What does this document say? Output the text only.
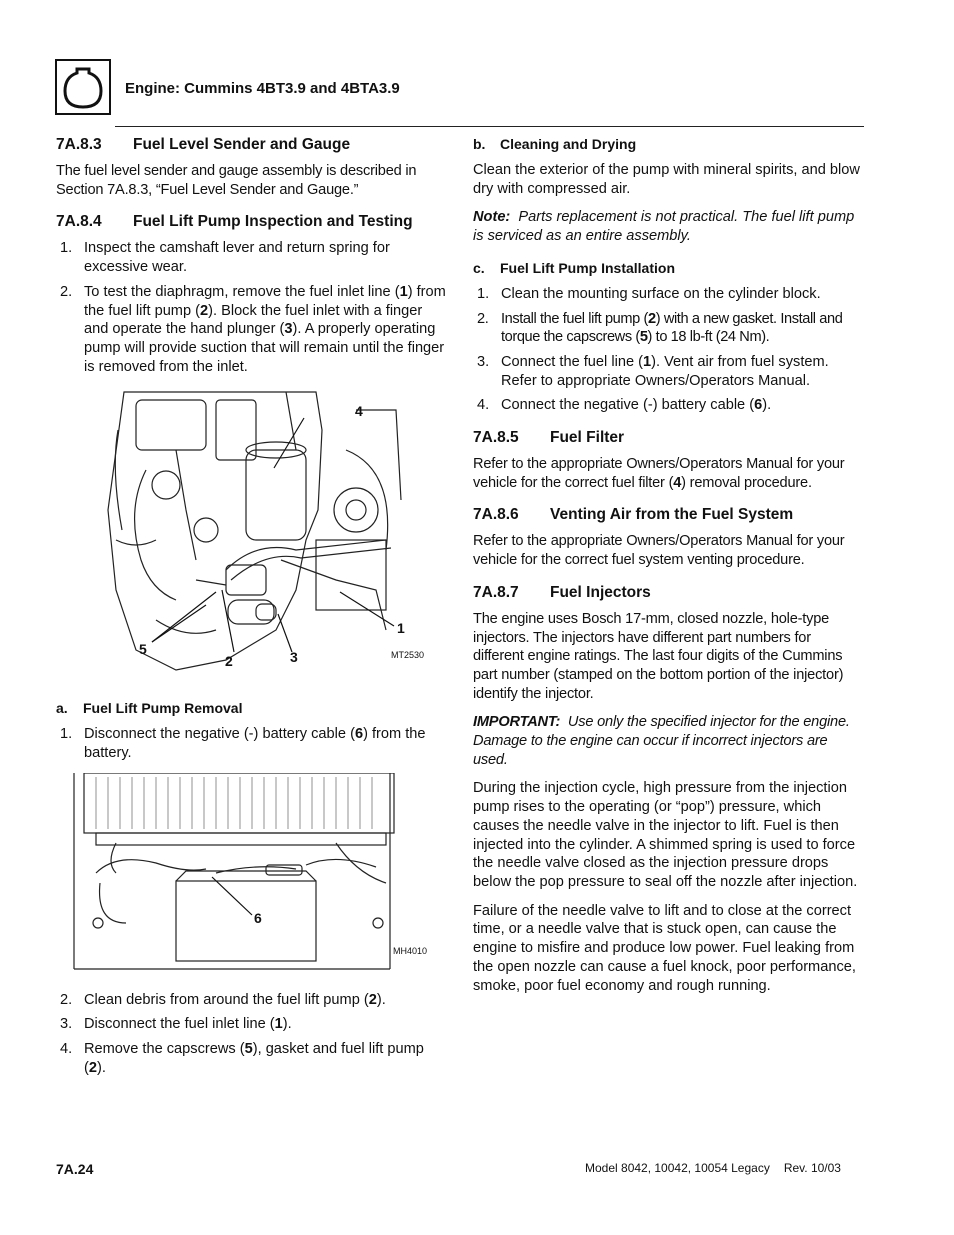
Engine: Cummins 4BT3.9 and 4BTA3.9
7A.8.3 Fuel Level Sender and Gauge

The fuel level sender and gauge assembly is described in Section 7A.8.3, “Fuel Level Sender and Gauge.”

7A.8.4 Fuel Lift Pump Inspection and Testing
1. Inspect the camshaft lever and return spring for excessive wear.
2. To test the diaphragm, remove the fuel inlet line (1) from the fuel lift pump (2). Block the fuel inlet with a finger and operate the hand plunger (3). A properly operating pump will provide suction that will remain until the finger is removed from the inlet.
4
1
5
2	3	MT2530
a. Fuel Lift Pump Removal
1. Disconnect the negative (-) battery cable (6) from the battery.
6
MH4010
2. Clean debris from around the fuel lift pump (2).
3. Disconnect the fuel inlet line (1).
4. Remove the capscrews (5), gasket and fuel lift pump (2).
b. Cleaning and Drying

Clean the exterior of the pump with mineral spirits, and blow dry with compressed air.

Note: Parts replacement is not practical. The fuel lift pump is serviced as an entire assembly.

c. Fuel Lift Pump Installation
1. Clean the mounting surface on the cylinder block.
2. Install the fuel lift pump (2) with a new gasket. Install and torque the capscrews (5) to 18 lb-ft (24 Nm).
3. Connect the fuel line (1). Vent air from fuel system. Refer to appropriate Owners/Operators Manual.
4. Connect the negative (-) battery cable (6).
7A.8.5 Fuel Filter

Refer to the appropriate Owners/Operators Manual for your vehicle for the correct fuel filter (4) removal procedure.

7A.8.6 Venting Air from the Fuel System

Refer to the appropriate Owners/Operators Manual for your vehicle for the correct fuel system venting procedure.

7A.8.7 Fuel Injectors

The engine uses Bosch 17-mm, closed nozzle, hole-type injectors. The injectors have different part numbers for different engine ratings. The last four digits of the Cummins part number (stamped on the bottom portion of the injector) identify the injector.

IMPORTANT: Use only the specified injector for the engine. Damage to the engine can occur if incorrect injectors are used.

During the injection cycle, high pressure from the injection pump rises to the operating (or “pop”) pressure, which causes the needle valve in the injector to lift. Fuel is then injected into the cylinder. A shimmed spring is used to force the needle valve closed as the injection pressure drops below the pop pressure to seal off the nozzle after injection.

Failure of the needle valve to lift and to close at the correct time, or a needle valve that is stuck open, can cause the engine to misfire and produce low power. Fuel leaking from the open nozzle can cause a fuel knock, poor performance, smoke, poor fuel economy and rough running.

7A.24	Model 8042, 10042, 10054 Legacy Rev. 10/03
